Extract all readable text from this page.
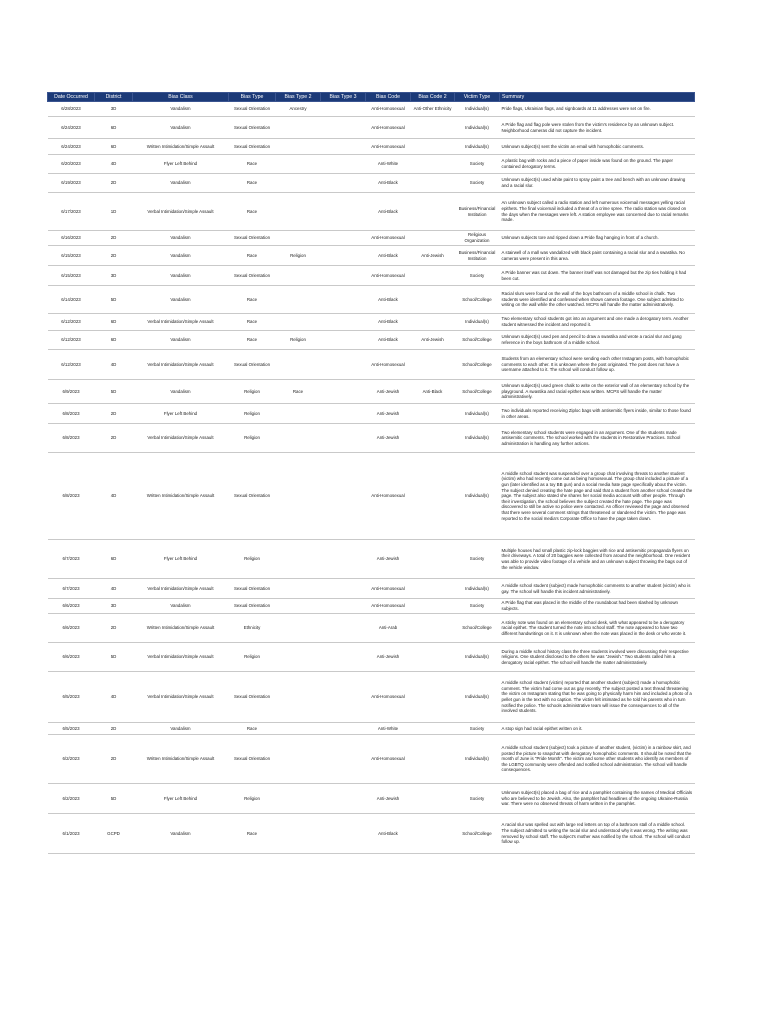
Date Occurred	District	Bias Class	Bias Type	Bias Type 2	Bias Type 3	Bias Code	Bias Code 2	Victim Type	Summary
6/28/2023	3D	Vandalism	Sexual Orientation	Ancestry		Anti-Homosexual	Anti-Other Ethnicity	Individual(s)	Pride flags, Ukrainian flags, and signboards at 11 addresses were set on fire.
6/24/2023	6D	Vandalism	Sexual Orientation			Anti-Homosexual		Individual(s)	A Pride flag and flag pole were stolen from the victim's residence by an unknown subject. Neighborhood cameras did not capture the incident.
6/24/2023	6D	Written Intimidation/Simple Assault	Sexual Orientation			Anti-Homosexual		Individual(s)	Unknown subject(s) sent the victim an email with homophobic comments.
6/20/2023	4D	Flyer Left Behind	Race			Anti-White		Society	A plastic bag with rocks and a piece of paper inside was found on the ground. The paper contained derogatory terms.
6/19/2023	2D	Vandalism	Race			Anti-Black		Society	Unknown subject(s) used white paint to spray paint a tree and bench with an unknown drawing and a racial slur.
6/17/2023	1D	Verbal Intimidation/Simple Assault	Race			Anti-Black		Business/Financial Institution	An unknown subject called a radio station and left numerous voicemail messages yelling racial epithets. The final voicemail included a threat of a crime spree. The radio station was closed on the days when the messages were left. A station employee was concerned due to racial remarks made.
6/16/2023	2D	Vandalism	Sexual Orientation			Anti-Homosexual		Religious Organization	Unknown subjects tore and ripped down a Pride flag hanging in front of a church.
6/15/2023	2D	Vandalism	Race	Religion		Anti-Black	Anti-Jewish	Business/Financial Institution	A stairwell of a mall was vandalized with black paint containing a racial slur and a swastika. No cameras were present in this area.
6/15/2023	3D	Vandalism	Sexual Orientation			Anti-Homosexual		Society	A Pride banner was cut down. The banner itself was not damaged but the zip ties holding it had been cut.
6/14/2023	5D	Vandalism	Race			Anti-Black		School/College	Racial slurs were found on the wall of the boys bathroom of a middle school in chalk. Two students were identified and confessed when shown camera footage. One subject admitted to writing on the wall while the other watched. MCPS will handle the matter administratively.
6/12/2023	6D	Verbal Intimidation/Simple Assault	Race			Anti-Black		Individual(s)	Two elementary school students got into an argument and one made a derogatory term. Another student witnessed the incident and reported it.
6/12/2023	6D	Vandalism	Race	Religion		Anti-Black	Anti-Jewish	School/College	Unknown subject(s) used pen and pencil to draw a swastika and wrote a racial slur and gang reference in the boys bathroom of a middle school.
6/12/2023	4D	Verbal Intimidation/Simple Assault	Sexual Orientation			Anti-Homosexual		School/College	Students from an elementary school were sending each other Instagram posts, with homophobic comments to each other. It is unknown where the post originated. The post does not have a username attached to it. The school will conduct follow up.
6/9/2023	5D	Vandalism	Religion	Race		Anti-Jewish	Anti-Black	School/College	Unknown subject(s) used green chalk to write on the exterior wall of an elementary school by the playground. A swastika and racial epithet was written. MCPS will handle the matter administratively.
6/8/2023	2D	Flyer Left Behind	Religion			Anti-Jewish		Individual(s)	Two individuals reported receiving Ziploc bags with antisemitic flyers inside, similar to those found in other areas.
6/8/2023	2D	Verbal Intimidation/Simple Assault	Religion			Anti-Jewish		Individual(s)	Two elementary school students were engaged in an argument. One of the students made antisemitic comments. The school worked with the students in Restorative Practices. School administration is handling any further actions.
6/8/2023	4D	Written Intimidation/Simple Assault	Sexual Orientation			Anti-Homosexual		Individual(s)	A middle school student was suspended over a group chat involving threats to another student (victim) who had recently come out as being homosexual. The group chat included a picture of a gun (later identified as a toy BB gun) and a social media hate page specifically about the victim. The subject denied creating the hate page and said that a student from another school created the page. The subject also stated she shares her social media account with other people. Through their investigation, the school believes the subject created the hate page. The page was discovered to still be active so police were contacted. An officer reviewed the page and observed that there were several comment strings that threatened or slandered the victim. The page was reported to the social media's Corporate Office to have the page taken down.
6/7/2023	6D	Flyer Left Behind	Religion			Anti-Jewish		Society	Multiple houses had small plastic zip-lock baggies with rice and antisemitic propaganda flyers on their driveways. A total of 20 baggies were collected from around the neighborhood. One resident was able to provide video footage of a vehicle and an unknown subject throwing the bags out of the vehicle window.
6/7/2023	4D	Verbal Intimidation/Simple Assault	Sexual Orientation			Anti-Homosexual		Individual(s)	A middle school student (subject) made homophobic comments to another student (victim) who is gay. The school will handle this incident administratively.
6/6/2023	3D	Vandalism	Sexual Orientation			Anti-Homosexual		Society	A Pride flag that was placed in the middle of the roundabout had been slashed by unknown subjects.
6/6/2023	2D	Written Intimidation/Simple Assault	Ethnicity			Anti-Arab		School/College	A sticky note was found on an elementary school desk, with what appeared to be a derogatory racial epithet. The student turned the note into school staff. The note appeared to have two different handwritings on it. It is unknown when the note was placed in the desk or who wrote it.
6/6/2023	5D	Verbal Intimidation/Simple Assault	Religion			Anti-Jewish		Individual(s)	During a middle school history class the three students involved were discussing their respective religions. One student disclosed to the others he was "Jewish." Two students called him a derogatory racial epithet. The school will handle the matter administratively.
6/5/2023	4D	Verbal Intimidation/Simple Assault	Sexual Orientation			Anti-Homosexual		Individual(s)	A middle school student (victim) reported that another student (subject) made a homophobic comment. The victim had come out as gay recently. The subject posted a text thread threatening the victim on Instagram stating that he was going to physically harm him and included a photo of a pellet gun in the text with no caption. The victim felt intimated as he told his parents who in turn notified the police. The schools administrative team will issue the consequences to all of the involved students.
6/5/2023	2D	Vandalism	Race			Anti-White		Society	A stop sign had racial epithet written on it.
6/2/2023	2D	Written Intimidation/Simple Assault	Sexual Orientation			Anti-Homosexual		Individual(s)	A middle school student (subject) took a picture of another student, (victim) in a rainbow skirt, and posted the picture to snapchat with derogatory homophobic comments. It should be noted that the month of June is "Pride Month". The victim and some other students who identify as members of the LGBTQ community were offended and notified school administration. The school will handle consequences.
6/2/2023	5D	Flyer Left Behind	Religion			Anti-Jewish		Society	Unknown subject(s) placed a bag of rice and a pamphlet containing the names of Medical Officials who are believed to be Jewish. Also, the pamphlet had headlines of the ongoing Ukraine-Russia war. There were no observed threats of harm written in the pamphlet.
6/1/2023	GCPD	Vandalism	Race			Anti-Black		School/College	A racial slur was spelled out with large red letters on top of a bathroom stall of a middle school. The subject admitted to writing the racial slur and understood why it was wrong. The writing was removed by school staff. The subject's mother was notified by the school. The school will conduct follow up.
